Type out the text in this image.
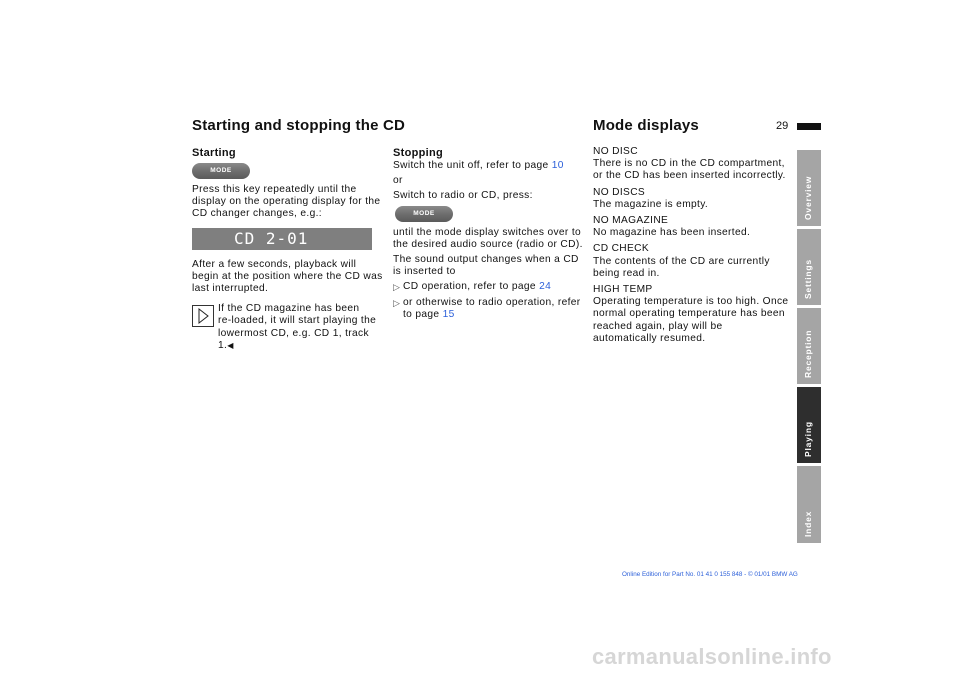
Starting and stopping the CD	Mode displays	29
Starting
MODE

Press this key repeatedly until the display on the operating display for the CD changer changes, e.g.:

CD 2-01

After a few seconds, playback will begin at the position where the CD was last interrupted.

If the CD magazine has been
re-loaded, it will start playing the lowermost CD, e.g. CD 1, track 1.◀
Stopping

Switch the unit off, refer to page 10

or

Switch to radio or CD, press:

MODE

until the mode display switches over to the desired audio source (radio or CD).

The sound output changes when a CD is inserted to

▷ CD operation, refer to page 24
▷ or otherwise to radio operation, refer to page 15
NO DISC
There is no CD in the CD compartment, or the CD has been inserted incorrectly.
NO DISCS
The magazine is empty.
NO MAGAZINE
No magazine has been inserted.
CD CHECK
The contents of the CD are currently being read in.
HIGH TEMP
Operating temperature is too high. Once normal operating temperature has been reached again, play will be automatically resumed.
Overview
Settings
Reception
Playing
Index
Online Edition for Part No. 01 41 0 155 848 - © 01/01 BMW AG
carmanualsonline.info
